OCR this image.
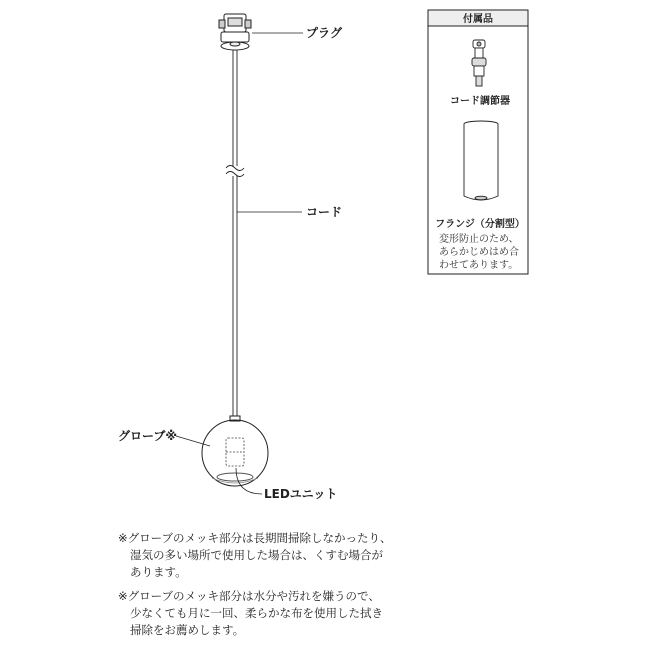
プラグ
コード
グローブ※
LEDユニット
付属品
コード調節器
フランジ（分割型）
変形防止のため、
あらかじめはめ合
わせてあります。

※グローブのメッキ部分は長期間掃除しなかったり、

湿気の多い場所で使用した場合は、くすむ場合が

あります。

※グローブのメッキ部分は水分や汚れを嫌うので、

少なくても月に一回、柔らかな布を使用した拭き

掃除をお薦めします。
